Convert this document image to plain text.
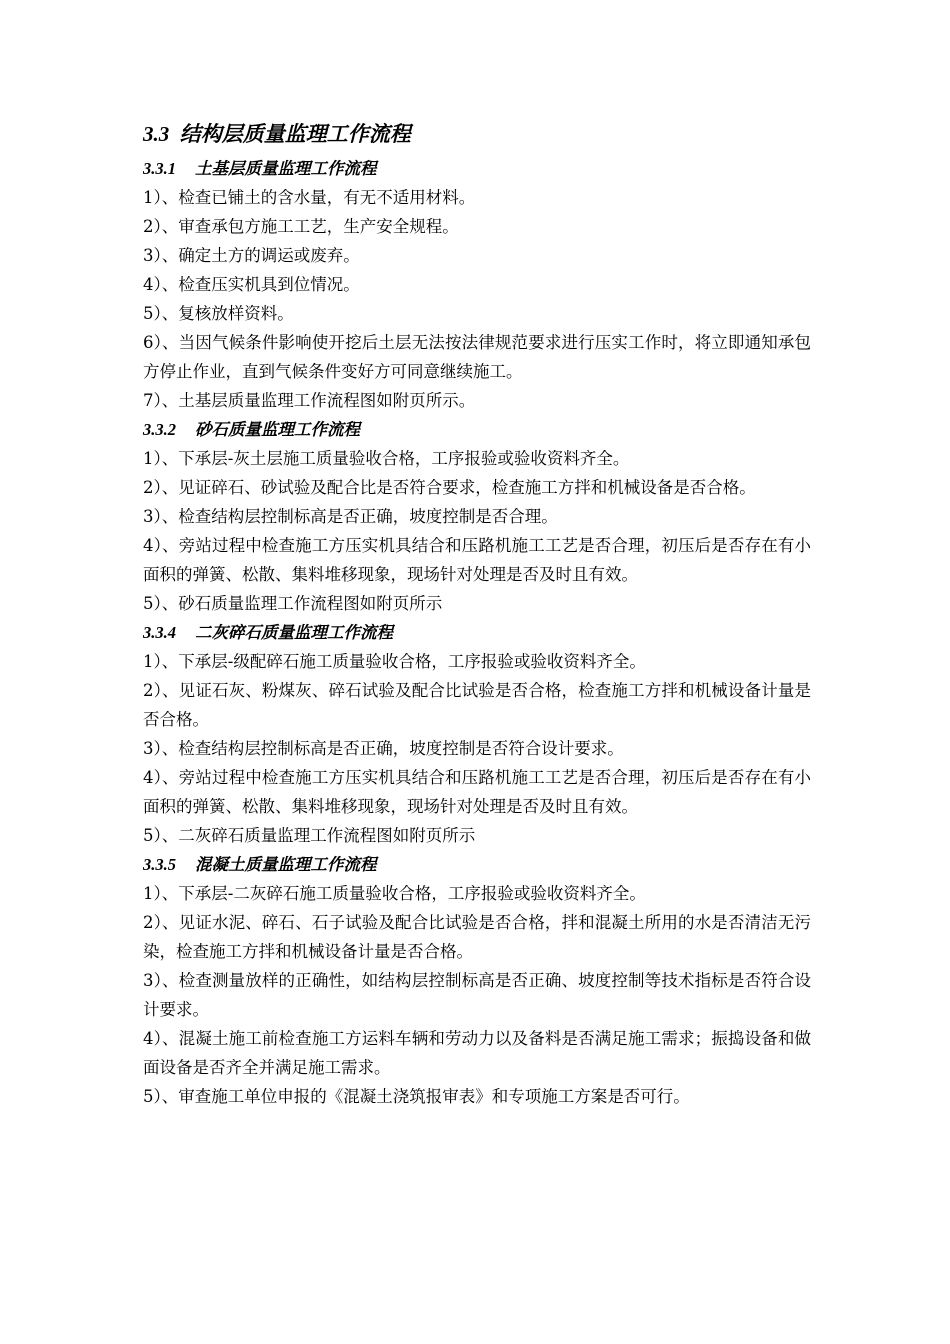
3.3 结构层质量监理工作流程
3.3.1 土基层质量监理工作流程

1）、检查已铺土的含水量，有无不适用材料。

2）、审查承包方施工工艺，生产安全规程。

3）、确定土方的调运或废弃。

4）、检查压实机具到位情况。

5）、复核放样资料。

6）、当因气候条件影响使开挖后土层无法按法律规范要求进行压实工作时，将立即通知承包方停止作业，直到气候条件变好方可同意继续施工。

7）、土基层质量监理工作流程图如附页所示。

3.3.2 砂石质量监理工作流程

1）、下承层-灰土层施工质量验收合格，工序报验或验收资料齐全。

2）、见证碎石、砂试验及配合比是否符合要求，检查施工方拌和机械设备是否合格。

3）、检查结构层控制标高是否正确，坡度控制是否合理。

4）、旁站过程中检查施工方压实机具结合和压路机施工工艺是否合理，初压后是否存在有小面积的弹簧、松散、集料堆移现象，现场针对处理是否及时且有效。

5）、砂石质量监理工作流程图如附页所示

3.3.4 二灰碎石质量监理工作流程

1）、下承层-级配碎石施工质量验收合格，工序报验或验收资料齐全。

2）、见证石灰、粉煤灰、碎石试验及配合比试验是否合格，检查施工方拌和机械设备计量是否合格。

3）、检查结构层控制标高是否正确，坡度控制是否符合设计要求。

4）、旁站过程中检查施工方压实机具结合和压路机施工工艺是否合理，初压后是否存在有小面积的弹簧、松散、集料堆移现象，现场针对处理是否及时且有效。

5）、二灰碎石质量监理工作流程图如附页所示

3.3.5 混凝土质量监理工作流程

1）、下承层-二灰碎石施工质量验收合格，工序报验或验收资料齐全。

2）、见证水泥、碎石、石子试验及配合比试验是否合格，拌和混凝土所用的水是否清洁无污染，检查施工方拌和机械设备计量是否合格。

3）、检查测量放样的正确性，如结构层控制标高是否正确、坡度控制等技术指标是否符合设计要求。

4）、混凝土施工前检查施工方运料车辆和劳动力以及备料是否满足施工需求；振捣设备和做面设备是否齐全并满足施工需求。

5）、审查施工单位申报的《混凝土浇筑报审表》和专项施工方案是否可行。
